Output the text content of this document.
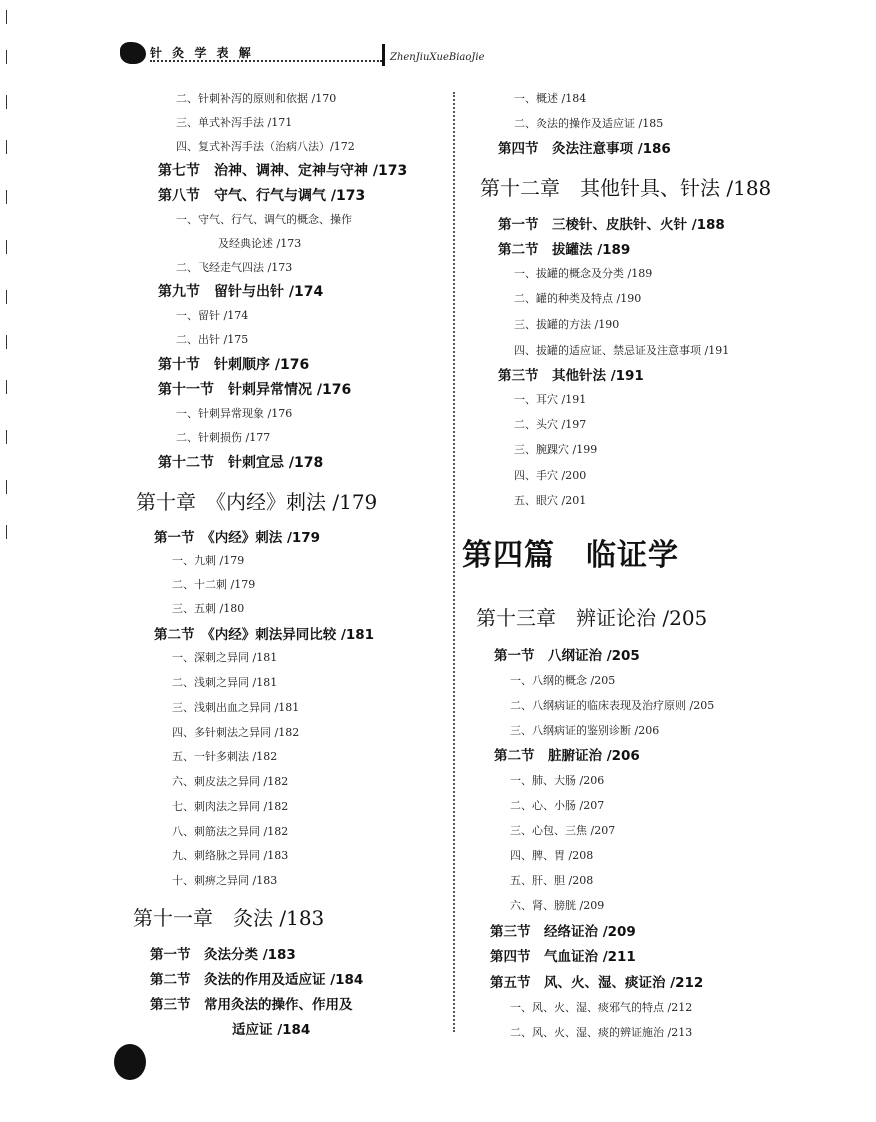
针 灸 学 表 解	ZhenJiuXueBiaoJie
二、针刺补泻的原则和依据 /170
三、单式补泻手法 /171
四、复式补泻手法（治病八法）/172
第七节　治神、调神、定神与守神 /173
第八节　守气、行气与调气 /173
一、守气、行气、调气的概念、操作
及经典论述 /173
二、飞经走气四法 /173
第九节　留针与出针 /174
一、留针 /174
二、出针 /175
第十节　针刺顺序 /176
第十一节　针刺异常情况 /176
一、针刺异常现象 /176
二、针刺损伤 /177
第十二节　针刺宜忌 /178
第十章　《内经》刺法 /179
第一节　《内经》刺法 /179
一、九刺 /179
二、十二刺 /179
三、五刺 /180
第二节　《内经》刺法异同比较 /181
一、深刺之异同 /181
二、浅刺之异同 /181
三、浅刺出血之异同 /181
四、多针刺法之异同 /182
五、一针多刺法 /182
六、刺皮法之异同 /182
七、刺肉法之异同 /182
八、刺筋法之异同 /182
九、刺络脉之异同 /183
十、刺痹之异同 /183
第十一章　灸法 /183
第一节　灸法分类 /183
第二节　灸法的作用及适应证 /184
第三节　常用灸法的操作、作用及
适应证 /184
一、概述 /184
二、灸法的操作及适应证 /185
第四节　灸法注意事项 /186
第十二章　其他针具、针法 /188
第一节　三棱针、皮肤针、火针 /188
第二节　拔罐法 /189
一、拔罐的概念及分类 /189
二、罐的种类及特点 /190
三、拔罐的方法 /190
四、拔罐的适应证、禁忌证及注意事项 /191
第三节　其他针法 /191
一、耳穴 /191
二、头穴 /197
三、腕踝穴 /199
四、手穴 /200
五、眼穴 /201
第四篇　临证学
第十三章　辨证论治 /205
第一节　八纲证治 /205
一、八纲的概念 /205
二、八纲病证的临床表现及治疗原则 /205
三、八纲病证的鉴别诊断 /206
第二节　脏腑证治 /206
一、肺、大肠 /206
二、心、小肠 /207
三、心包、三焦 /207
四、脾、胃 /208
五、肝、胆 /208
六、肾、膀胱 /209
第三节　经络证治 /209
第四节　气血证治 /211
第五节　风、火、湿、痰证治 /212
一、风、火、湿、痰邪气的特点 /212
二、风、火、湿、痰的辨证施治 /213
